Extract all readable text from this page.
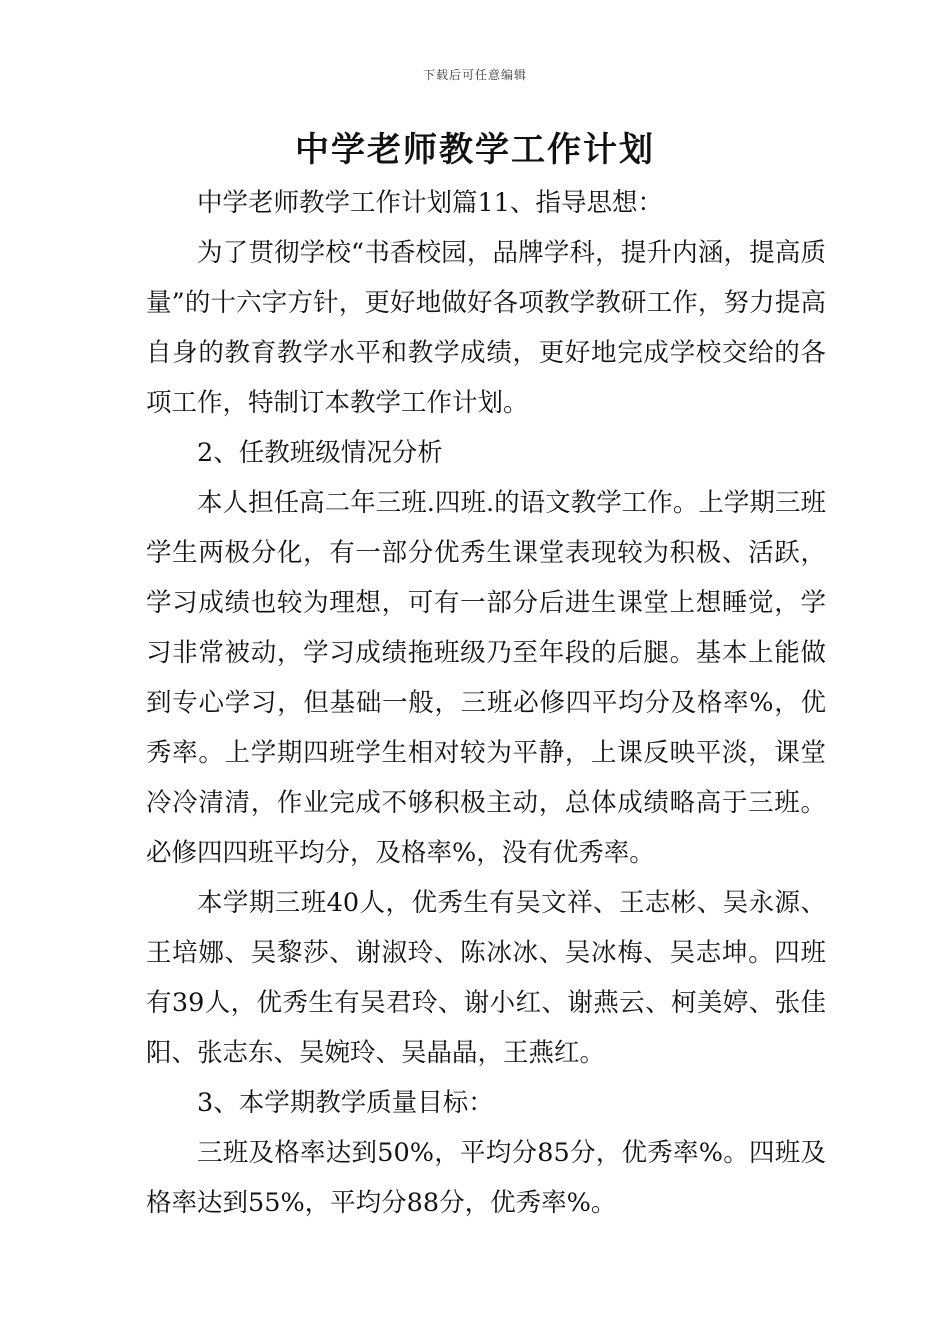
下载后可任意编辑
中学老师教学工作计划

中学老师教学工作计划篇11、指导思想：

为了贯彻学校“书香校园，品牌学科，提升内涵，提高质量”的十六字方针，更好地做好各项教学教研工作，努力提高自身的教育教学水平和教学成绩，更好地完成学校交给的各项工作，特制订本教学工作计划。

2、任教班级情况分析

本人担任高二年三班.四班.的语文教学工作。上学期三班学生两极分化，有一部分优秀生课堂表现较为积极、活跃，学习成绩也较为理想，可有一部分后进生课堂上想睡觉，学习非常被动，学习成绩拖班级乃至年段的后腿。基本上能做到专心学习，但基础一般，三班必修四平均分及格率%，优秀率。上学期四班学生相对较为平静，上课反映平淡，课堂冷冷清清，作业完成不够积极主动，总体成绩略高于三班。必修四四班平均分，及格率%，没有优秀率。

本学期三班40人，优秀生有吴文祥、王志彬、吴永源、王培娜、吴黎莎、谢淑玲、陈冰冰、吴冰梅、吴志坤。四班有39人，优秀生有吴君玲、谢小红、谢燕云、柯美婷、张佳阳、张志东、吴婉玲、吴晶晶，王燕红。

3、本学期教学质量目标：

三班及格率达到50%，平均分85分，优秀率%。四班及格率达到55%，平均分88分，优秀率%。
